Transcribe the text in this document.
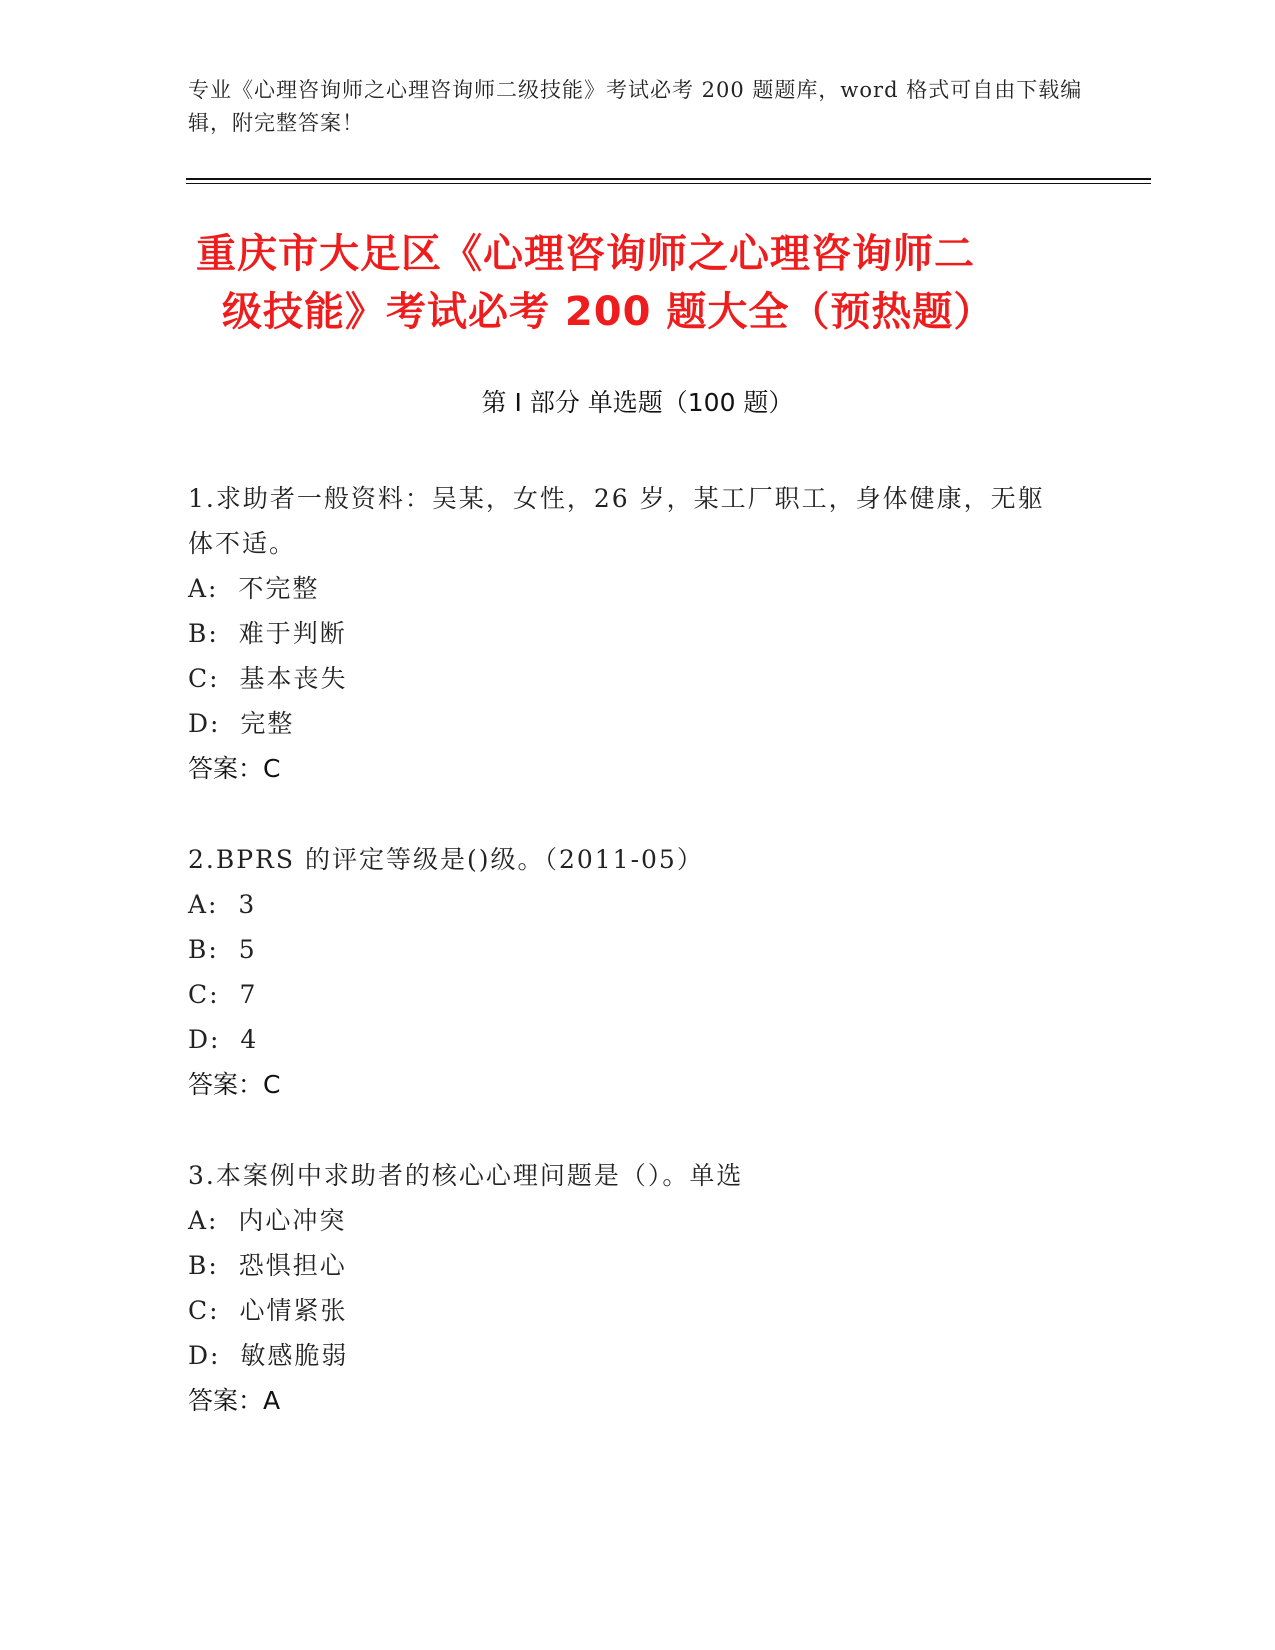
专业《心理咨询师之心理咨询师二级技能》考试必考 200 题题库，word 格式可自由下载编辑，附完整答案！
重庆市大足区《心理咨询师之心理咨询师二
级技能》考试必考 200 题大全（预热题）
第 I 部分 单选题（100 题）
1.求助者一般资料：吴某，女性，26 岁，某工厂职工，身体健康，无躯体不适。
A:  不完整
B:  难于判断
C:  基本丧失
D:  完整
答案：C
2.BPRS 的评定等级是()级。（2011-05）
A:  3
B:  5
C:  7
D:  4
答案：C
3.本案例中求助者的核心心理问题是（）。单选
A:  内心冲突
B:  恐惧担心
C:  心情紧张
D:  敏感脆弱
答案：A
